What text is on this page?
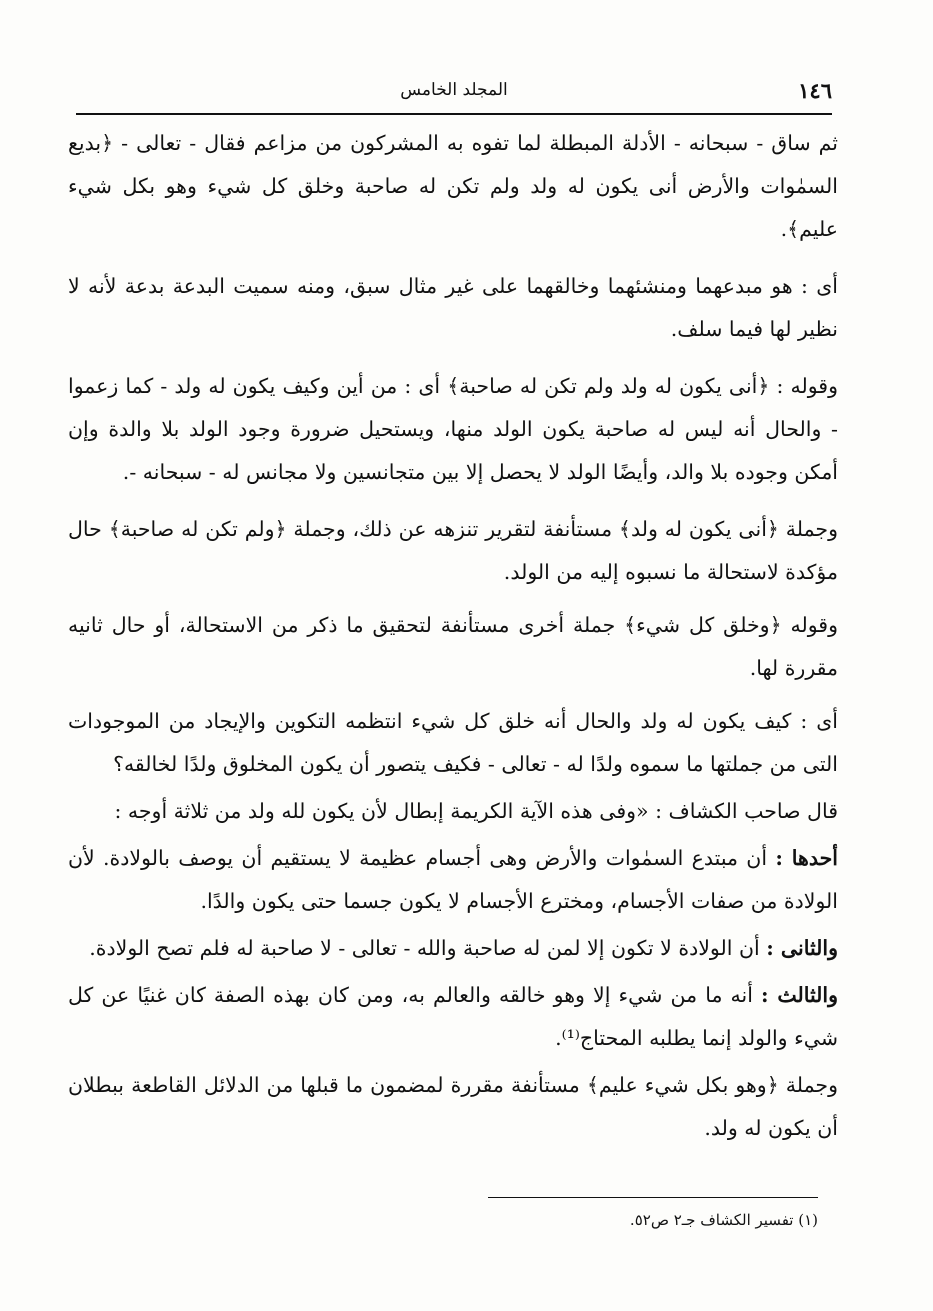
١٤٦
المجلد الخامس

ثم ساق - سبحانه - الأدلة المبطلة لما تفوه به المشركون من مزاعم فقال - تعالى - ﴿بديع السمٰوات والأرض أنى يكون له ولد ولم تكن له صاحبة وخلق كل شيء وهو بكل شيء عليم﴾.

أى : هو مبدعهما ومنشئهما وخالقهما على غير مثال سبق، ومنه سميت البدعة بدعة لأنه لا نظير لها فيما سلف.

وقوله : ﴿أنى يكون له ولد ولم تكن له صاحبة﴾ أى : من أين وكيف يكون له ولد - كما زعموا - والحال أنه ليس له صاحبة يكون الولد منها، ويستحيل ضرورة وجود الولد بلا والدة وإن أمكن وجوده بلا والد، وأيضًا الولد لا يحصل إلا بين متجانسين ولا مجانس له - سبحانه -.

وجملة ﴿أنى يكون له ولد﴾ مستأنفة لتقرير تنزهه عن ذلك، وجملة ﴿ولم تكن له صاحبة﴾ حال مؤكدة لاستحالة ما نسبوه إليه من الولد.

وقوله ﴿وخلق كل شيء﴾ جملة أخرى مستأنفة لتحقيق ما ذكر من الاستحالة، أو حال ثانيه مقررة لها.

أى : كيف يكون له ولد والحال أنه خلق كل شيء انتظمه التكوين والإيجاد من الموجودات التى من جملتها ما سموه ولدًا له - تعالى - فكيف يتصور أن يكون المخلوق ولدًا لخالقه؟

قال صاحب الكشاف : «وفى هذه الآية الكريمة إبطال لأن يكون لله ولد من ثلاثة أوجه :

أحدها : أن مبتدع السمٰوات والأرض وهى أجسام عظيمة لا يستقيم أن يوصف بالولادة. لأن الولادة من صفات الأجسام، ومخترع الأجسام لا يكون جسما حتى يكون والدًا.

والثانى : أن الولادة لا تكون إلا لمن له صاحبة والله - تعالى - لا صاحبة له فلم تصح الولادة.

والثالث : أنه ما من شيء إلا وهو خالقه والعالم به، ومن كان بهذه الصفة كان غنيًا عن كل شيء والولد إنما يطلبه المحتاج⁽¹⁾.

وجملة ﴿وهو بكل شيء عليم﴾ مستأنفة مقررة لمضمون ما قبلها من الدلائل القاطعة ببطلان أن يكون له ولد.

(١) تفسير الكشاف جـ٢ ص٥٢.
